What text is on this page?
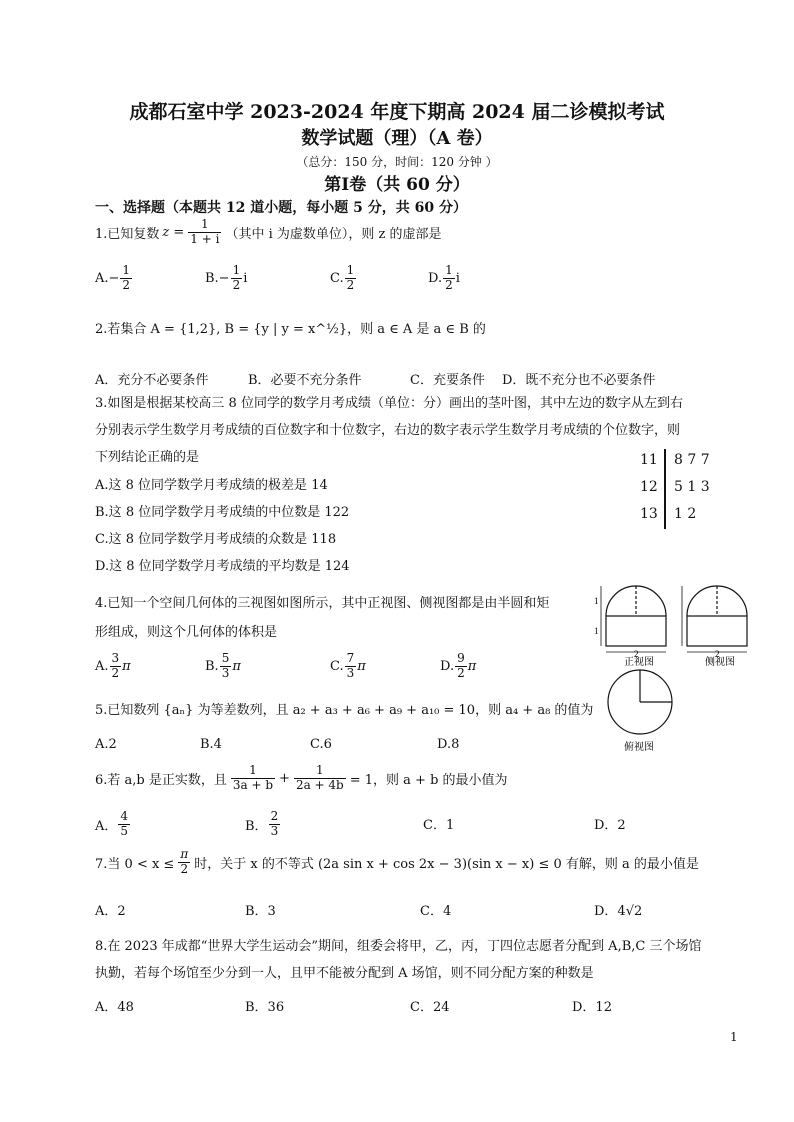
成都石室中学 2023-2024 年度下期高 2024 届二诊模拟考试
数学试题（理）（A 卷）
（总分：150 分，时间：120 分钟 ）
第Ⅰ卷（共 60 分）
一、选择题（本题共 12 道小题，每小题 5 分，共 60 分）
1.已知复数 $z = \frac{1}{1 + i}$ （其中 i 为虚数单位），则 z 的虚部是
$A.- \frac{1}{2}$	$B.- \frac{1}{2}$ i	C. $\frac{1}{2}$	D. $\frac{1}{2}$ i
2.若集合 A = {1,2}, B = {y | y = x^½}，则 a ∈ A 是 a ∈ B 的
A．充分不必要条件	B．必要不充分条件	C．充要条件 D．既不充分也不必要条件
3.如图是根据某校高三 8 位同学的数学月考成绩（单位：分）画出的茎叶图，其中左边的数字从左到右
分别表示学生数学月考成绩的百位数字和十位数字，右边的数字表示学生数学月考成绩的个位数字，则
下列结论正确的是
A.这 8 位同学数学月考成绩的极差是 14
B.这 8 位同学数学月考成绩的中位数是 122
C.这 8 位同学数学月考成绩的众数是 118
D.这 8 位同学数学月考成绩的平均数是 124
11 8 7 7
12 5 1 3
13 1 2
4.已知一个空间几何体的三视图如图所示，其中正视图、侧视图都是由半圆和矩
形组成，则这个几何体的体积是
A. $\frac{3}{2}$ π	B. $\frac{5}{3}$ π	C. $\frac{7}{3}$ π	D. $\frac{9}{2}$ π
1
1
2	2
正视图	侧视图
俯视图
5.已知数列 {aₙ} 为等差数列，且 a₂ + a₃ + a₆ + a₉ + a₁₀ = 10，则 a₄ + a₈ 的值为
A.2	B.4	C.6	D.8
6.若 a,b 是正实数，且 $\frac{1}{3a + b} + \frac{1}{2a + 4b} = 1$，则 a + b 的最小值为
A． $\frac{4}{5}$	B． $\frac{2}{3}$	C．1	D．2
7.当 $0 < x \le \frac{\pi}{2}$ 时，关于 x 的不等式 (2a sin x + cos 2x − 3)(sin x − x) ≤ 0 有解，则 a 的最小值是
A．2	B．3	C．4	D．4√2
8.在 2023 年成都“世界大学生运动会”期间，组委会将甲，乙，丙，丁四位志愿者分配到 A,B,C 三个场馆
执勤，若每个场馆至少分到一人，且甲不能被分配到 A 场馆，则不同分配方案的种数是
A．48	B．36	C．24	D．12
1
